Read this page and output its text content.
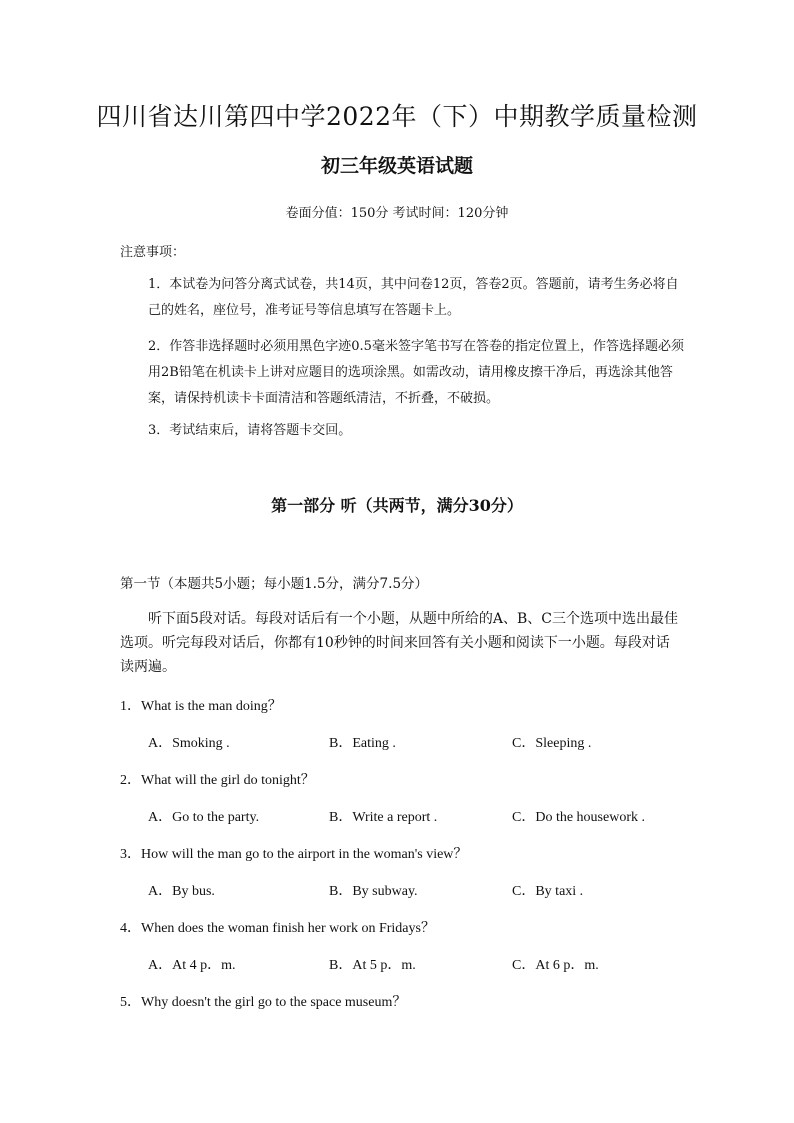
四川省达川第四中学2022年（下）中期教学质量检测
初三年级英语试题
卷面分值：150分 考试时间：120分钟
注意事项：
1．本试卷为问答分离式试卷，共14页，其中问卷12页，答卷2页。答题前，请考生务必将自己的姓名，座位号，准考证号等信息填写在答题卡上。
2．作答非选择题时必须用黑色字迹0.5毫米签字笔书写在答卷的指定位置上，作答选择题必须用2B铅笔在机读卡上讲对应题目的选项涂黑。如需改动，请用橡皮擦干净后，再选涂其他答案，请保持机读卡卡面清洁和答题纸清洁，不折叠，不破损。
3．考试结束后，请将答题卡交回。
第一部分 听（共两节，满分30分）
第一节（本题共5小题；每小题1.5分，满分7.5分）
听下面5段对话。每段对话后有一个小题，从题中所给的A、B、C三个选项中选出最佳选项。听完每段对话后，你都有10秒钟的时间来回答有关小题和阅读下一小题。每段对话读两遍。
1．What is the man doing？
A．Smoking .	B．Eating .	C．Sleeping .
2．What will the girl do tonight？
A．Go to the party.	B．Write a report .	C．Do the housework .
3．How will the man go to the airport in the woman's view？
A．By bus.	B．By subway.	C．By taxi .
4．When does the woman finish her work on Fridays？
A．At 4 p．m.	B．At 5 p．m.	C．At 6 p．m.
5．Why doesn't the girl go to the space museum？
